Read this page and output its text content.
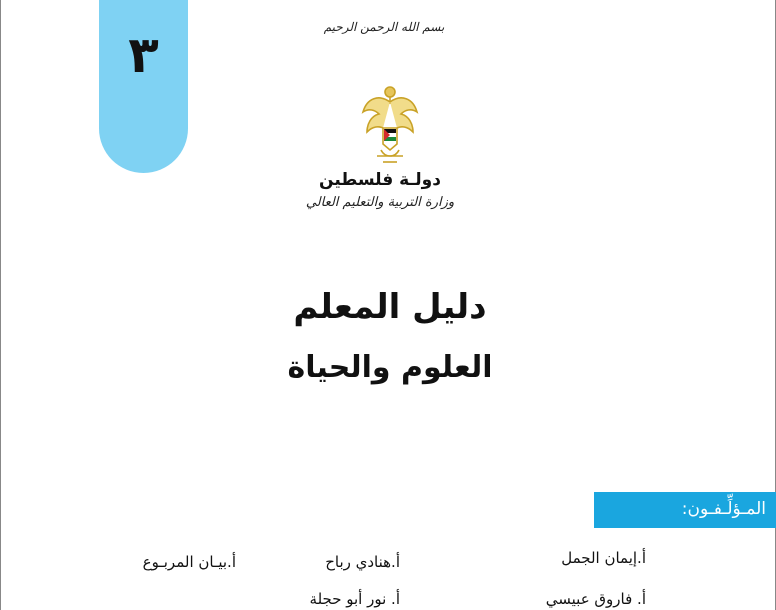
٣	بسم الله الرحمن الرحيم
دولـة فلسطين
وزارة التربية والتعليم العالي
دليل المعلم
العلوم والحياة
المـؤلِّـفـون:
أ.إيمان الجمل
أ.هنادي رباح
أ.بيـان المربـوع
أ. فاروق عبيسي
أ. نور أبو حجلة
